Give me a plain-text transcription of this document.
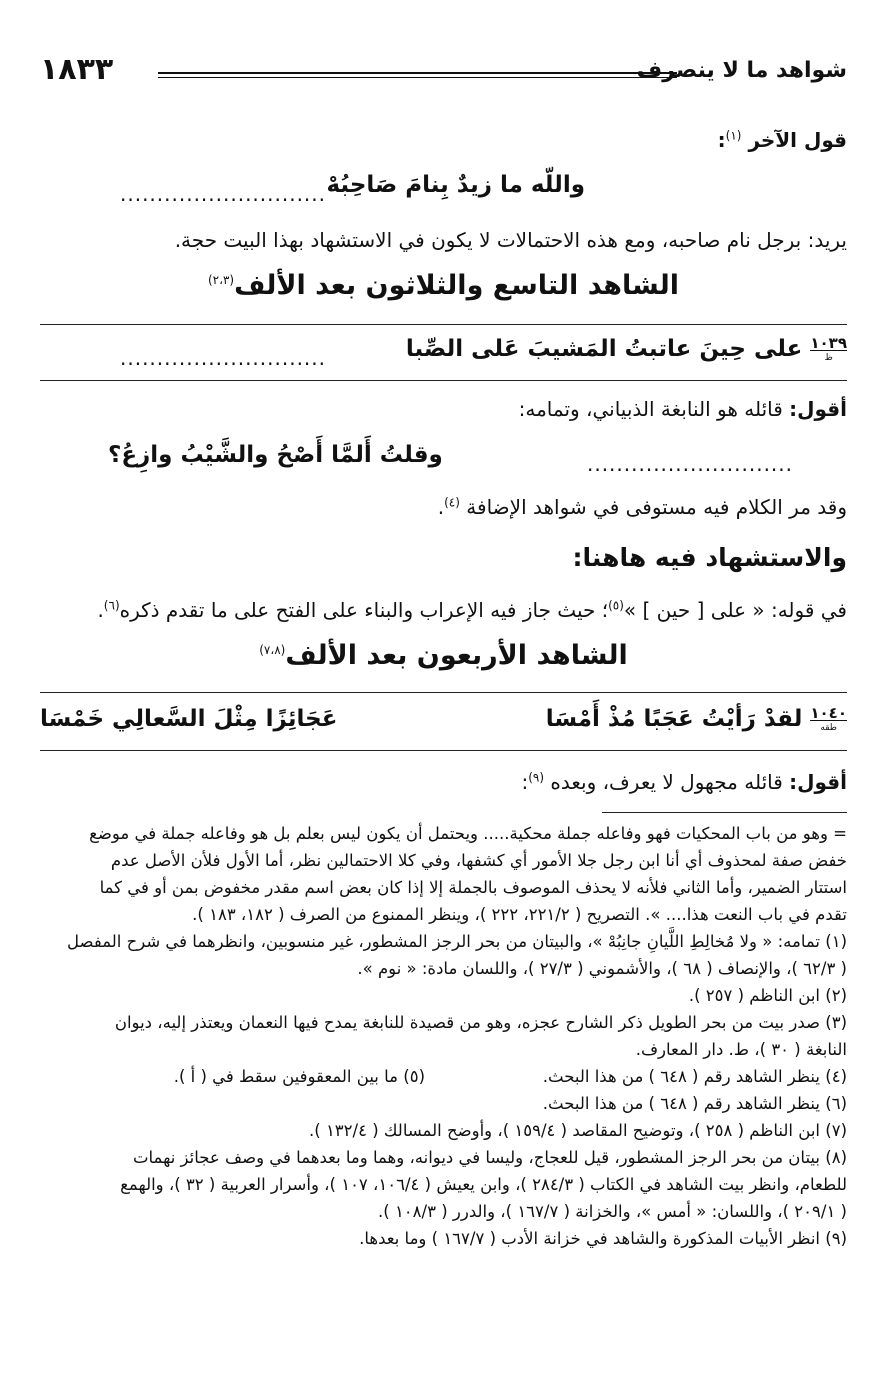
شواهد ما لا ينصرف
١٨٣٣
قول الآخر $^{(١)}$:
واللّه ما زيدٌ بِنامَ صَاحِبُهْ
............................
يريد: برجل نام صاحبه، ومع هذه الاحتمالات لا يكون في الاستشهاد بهذا البيت حجة.
الشاهد التاسع والثلاثون بعد الألف$^{(٢،٣)}$
١٠٣٩
ظ
على حِينَ عاتبتُ المَشيبَ عَلى الصِّبا
............................
أقول: قائله هو النابغة الذبياني، وتمامه:
............................
وقلتُ أَلمَّا أَصْحُ والشَّيْبُ وازِعُ؟
وقد مر الكلام فيه مستوفى في شواهد الإضافة $^{(٤)}$.
والاستشهاد فيه هاهنا:
في قوله: « على [ حين ] »$^{(٥)}$؛ حيث جاز فيه الإعراب والبناء على الفتح على ما تقدم ذكره$^{(٦)}$.
الشاهد الأربعون بعد الألف$^{(٧،٨)}$
١٠٤٠
طقه
لقدْ رَأيْتُ عَجَبًا مُذْ أَمْسَا
عَجَائِزًا مِثْلَ السَّعالِي خَمْسَا
أقول: قائله مجهول لا يعرف، وبعده $^{(٩)}$:
= وهو من باب المحكيات فهو وفاعله جملة محكية..... ويحتمل أن يكون ليس بعلم بل هو وفاعله جملة في موضع
خفض صفة لمحذوف أي أنا ابن رجل جلا الأمور أي كشفها، وفي كلا الاحتمالين نظر، أما الأول فلأن الأصل عدم
استتار الضمير، وأما الثاني فلأنه لا يحذف الموصوف بالجملة إلا إذا كان بعض اسم مقدر مخفوض بمن أو في كما
تقدم في باب النعت هذا.... ». التصريح ( ٢٢١/٢، ٢٢٢ )، وينظر الممنوع من الصرف ( ١٨٢، ١٨٣ ).
(١) تمامه: « ولا مُخالِطِ اللَّيانِ جانِبُهْ »، والبيتان من بحر الرجز المشطور، غير منسوبين، وانظرهما في شرح المفصل
( ٦٢/٣ )، والإنصاف ( ٦٨ )، والأشموني ( ٢٧/٣ )، واللسان مادة: « نوم ».
(٢) ابن الناظم ( ٢٥٧ ).
(٣) صدر بيت من بحر الطويل ذكر الشارح عجزه، وهو من قصيدة للنابغة يمدح فيها النعمان ويعتذر إليه، ديوان
النابغة ( ٣٠ )، ط. دار المعارف.
(٤) ينظر الشاهد رقم ( ٦٤٨ ) من هذا البحث.
(٥) ما بين المعقوفين سقط في ( أ ).
(٦) ينظر الشاهد رقم ( ٦٤٨ ) من هذا البحث.
(٧) ابن الناظم ( ٢٥٨ )، وتوضيح المقاصد ( ١٥٩/٤ )، وأوضح المسالك ( ١٣٢/٤ ).
(٨) بيتان من بحر الرجز المشطور، قيل للعجاج، وليسا في ديوانه، وهما وما بعدهما في وصف عجائز نهمات
للطعام، وانظر بيت الشاهد في الكتاب ( ٢٨٤/٣ )، وابن يعيش ( ١٠٦/٤، ١٠٧ )، وأسرار العربية ( ٣٢ )، والهمع
( ٢٠٩/١ )، واللسان: « أمس »، والخزانة ( ١٦٧/٧ )، والدرر ( ١٠٨/٣ ).
(٩) انظر الأبيات المذكورة والشاهد في خزانة الأدب ( ١٦٧/٧ ) وما بعدها.
